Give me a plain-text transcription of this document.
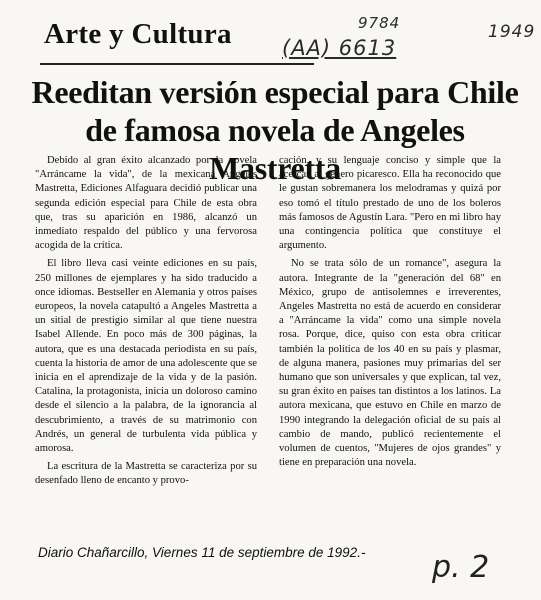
Arte y Cultura	9784
(AA) 6613
1949
Reeditan versión especial para Chile de famosa novela de Angeles Mastretta

Debido al gran éxito alcanzado por la novela "Arráncame la vida", de la mexicana Angeles Mastretta, Ediciones Alfaguara decidió publicar una segunda edición especial para Chile de esta obra que, tras su aparición en 1986, alcanzó un inmediato respaldo del público y una fervorosa acogida de la crítica.

El libro lleva casi veinte ediciones en su país, 250 millones de ejemplares y ha sido traducido a once idiomas. Bestseller en Alemania y otros países europeos, la novela catapultó a Angeles Mastretta a un sitial de prestigio similar al que tiene nuestra Isabel Allende. En poco más de 300 páginas, la autora, que es una destacada periodista en su país, cuenta la historia de amor de una adolescente que se inicia en el aprendizaje de la vida y de la pasión. Catalina, la protagonista, inicia un doloroso camino desde el silencio a la palabra, de la ignorancia al descubrimiento, a través de su matrimonio con Andrés, un general de turbulenta vida pública y amorosa.

La escritura de la Mastretta se caracteriza por su desenfado lleno de encanto y provo-

cación, y su lenguaje conciso y simple que la acercan al género picaresco. Ella ha reconocido que le gustan sobremanera los melodramas y quizá por eso tomó el título prestado de uno de los boleros más famosos de Agustín Lara. "Pero en mi libro hay una contingencia política que constituye el argumento.

No se trata sólo de un romance", asegura la autora. Integrante de la "generación del 68" en México, grupo de antisolemnes e irreverentes, Angeles Mastretta no está de acuerdo en considerar a "Arráncame la vida" como una simple novela rosa. Porque, dice, quiso con esta obra criticar también la política de los 40 en su país y plasmar, de alguna manera, pasiones muy primarias del ser humano que son universales y que explican, tal vez, su gran éxito en países tan distintos a los latinos. La autora mexicana, que estuvo en Chile en marzo de 1990 integrando la delegación oficial de su país al cambio de mando, publicó recientemente el volumen de cuentos, "Mujeres de ojos grandes" y tiene en preparación una novela.

Diario Chañarcillo, Viernes 11 de septiembre de 1992.- p. 2
